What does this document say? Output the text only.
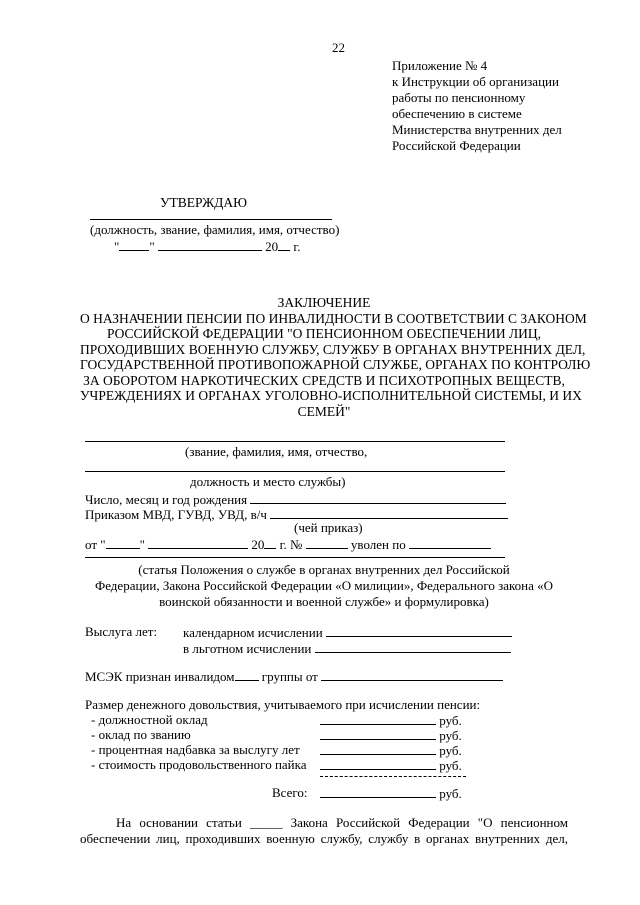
22
Приложение № 4
к Инструкции об организации
работы по пенсионному
обеспечению в системе
Министерства внутренних дел
Российской Федерации
УТВЕРЖДАЮ
(должность, звание, фамилия, имя, отчество)
" "	20 г.
ЗАКЛЮЧЕНИЕ
О НАЗНАЧЕНИИ ПЕНСИИ ПО ИНВАЛИДНОСТИ В СООТВЕТСТВИИ С ЗАКОНОМ
РОССИЙСКОЙ ФЕДЕРАЦИИ "О ПЕНСИОННОМ ОБЕСПЕЧЕНИИ ЛИЦ,
ПРОХОДИВШИХ ВОЕННУЮ СЛУЖБУ, СЛУЖБУ В ОРГАНАХ ВНУТРЕННИХ ДЕЛ,
ГОСУДАРСТВЕННОЙ ПРОТИВОПОЖАРНОЙ СЛУЖБЕ, ОРГАНАХ ПО КОНТРОЛЮ
ЗА ОБОРОТОМ НАРКОТИЧЕСКИХ СРЕДСТВ И ПСИХОТРОПНЫХ ВЕЩЕСТВ,
УЧРЕЖДЕНИЯХ И ОРГАНАХ УГОЛОВНО-ИСПОЛНИТЕЛЬНОЙ СИСТЕМЫ, И ИХ
СЕМЕЙ"
(звание, фамилия, имя, отчество,
должность и место службы)
Число, месяц и год рождения
Приказом МВД, ГУВД, УВД, в/ч
(чей приказ)
от "	"	20 г. №	уволен по
(статья Положения о службе в органах внутренних дел Российской
Федерации, Закона Российской Федерации «О милиции», Федерального закона «О
воинской обязанности и военной службе» и формулировка)
Выслуга лет: календарном исчислении
в льготном исчислении
МСЭК признан инвалидом группы от
Размер денежного довольствия, учитываемого при исчислении пенсии:
- должностной оклад	руб.
- оклад по званию	руб.
- процентная надбавка за выслугу лет	руб.
- стоимость продовольственного пайка	руб.
Всего:	руб.
На основании статьи _____ Закона Российской Федерации "О пенсионном
обеспечении лиц, проходивших военную службу, службу в органах внутренних дел,
